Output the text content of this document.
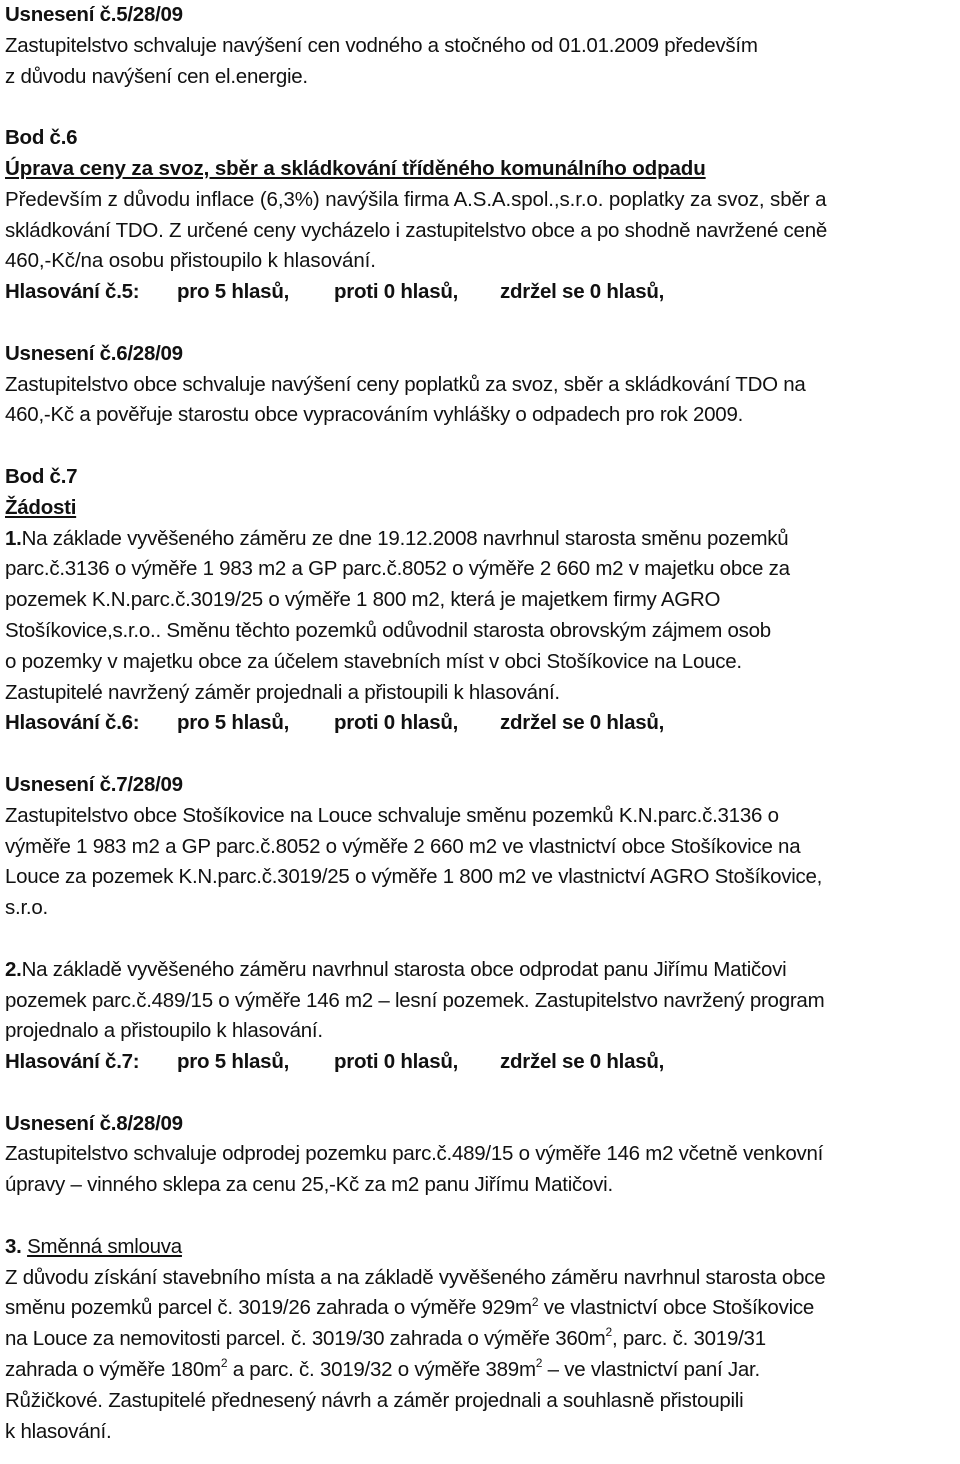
Usnesení č.5/28/09
Zastupitelstvo schvaluje navýšení cen vodného a stočného od 01.01.2009 především
z důvodu navýšení cen el.energie.
Bod č.6
Úprava ceny za svoz, sběr a skládkování tříděného komunálního odpadu
Především z důvodu inflace (6,3%) navýšila firma A.S.A.spol.,s.r.o. poplatky za svoz, sběr a
skládkování TDO. Z určené ceny vycházelo i zastupitelstvo obce a po shodně navržené ceně
460,-Kč/na osobu přistoupilo k hlasování.
Hlasování č.5: pro 5 hlasů, proti 0 hlasů, zdržel se 0 hlasů,
Usnesení č.6/28/09
Zastupitelstvo obce schvaluje navýšení ceny poplatků za svoz, sběr a skládkování TDO na
460,-Kč a pověřuje starostu obce vypracováním vyhlášky o odpadech pro rok 2009.
Bod č.7
Žádosti
1.Na základe vyvěšeného záměru ze dne 19.12.2008 navrhnul starosta směnu pozemků
parc.č.3136 o výměře 1 983 m2 a GP parc.č.8052 o výměře 2 660 m2 v majetku obce za
pozemek K.N.parc.č.3019/25 o výměře 1 800 m2, která je majetkem firmy AGRO
Stošíkovice,s.r.o.. Směnu těchto pozemků odůvodnil starosta obrovským zájmem osob
o pozemky v majetku obce za účelem stavebních míst v obci Stošíkovice na Louce.
Zastupitelé navržený záměr projednali a přistoupili k hlasování.
Hlasování č.6: pro 5 hlasů, proti 0 hlasů, zdržel se 0 hlasů,
Usnesení č.7/28/09
Zastupitelstvo obce Stošíkovice na Louce schvaluje směnu pozemků K.N.parc.č.3136 o
výměře 1 983 m2 a GP parc.č.8052 o výměře 2 660 m2 ve vlastnictví obce Stošíkovice na
Louce za pozemek K.N.parc.č.3019/25 o výměře 1 800 m2 ve vlastnictví AGRO Stošíkovice,
s.r.o.
2.Na základě vyvěšeného záměru navrhnul starosta obce odprodat panu Jiřímu Matičovi
pozemek parc.č.489/15 o výměře 146 m2 – lesní pozemek. Zastupitelstvo navržený program
projednalo a přistoupilo k hlasování.
Hlasování č.7: pro 5 hlasů, proti 0 hlasů, zdržel se 0 hlasů,
Usnesení č.8/28/09
Zastupitelstvo schvaluje odprodej pozemku parc.č.489/15 o výměře 146 m2 včetně venkovní
úpravy – vinného sklepa za cenu 25,-Kč za m2 panu Jiřímu Matičovi.
3. Směnná smlouva
Z důvodu získání stavebního místa a na základě vyvěšeného záměru navrhnul starosta obce
směnu pozemků parcel č. 3019/26 zahrada o výměře $929m^2$ ve vlastnictví obce Stošíkovice
na Louce za nemovitosti parcel. č. 3019/30 zahrada o výměře $360m^2$, parc. č. 3019/31
zahrada o výměře $180m^2$ a parc. č. 3019/32 o výměře $389m^2$ – ve vlastnictví paní Jar.
Růžičkové. Zastupitelé přednesený návrh a záměr projednali a souhlasně přistoupili
k hlasování.
